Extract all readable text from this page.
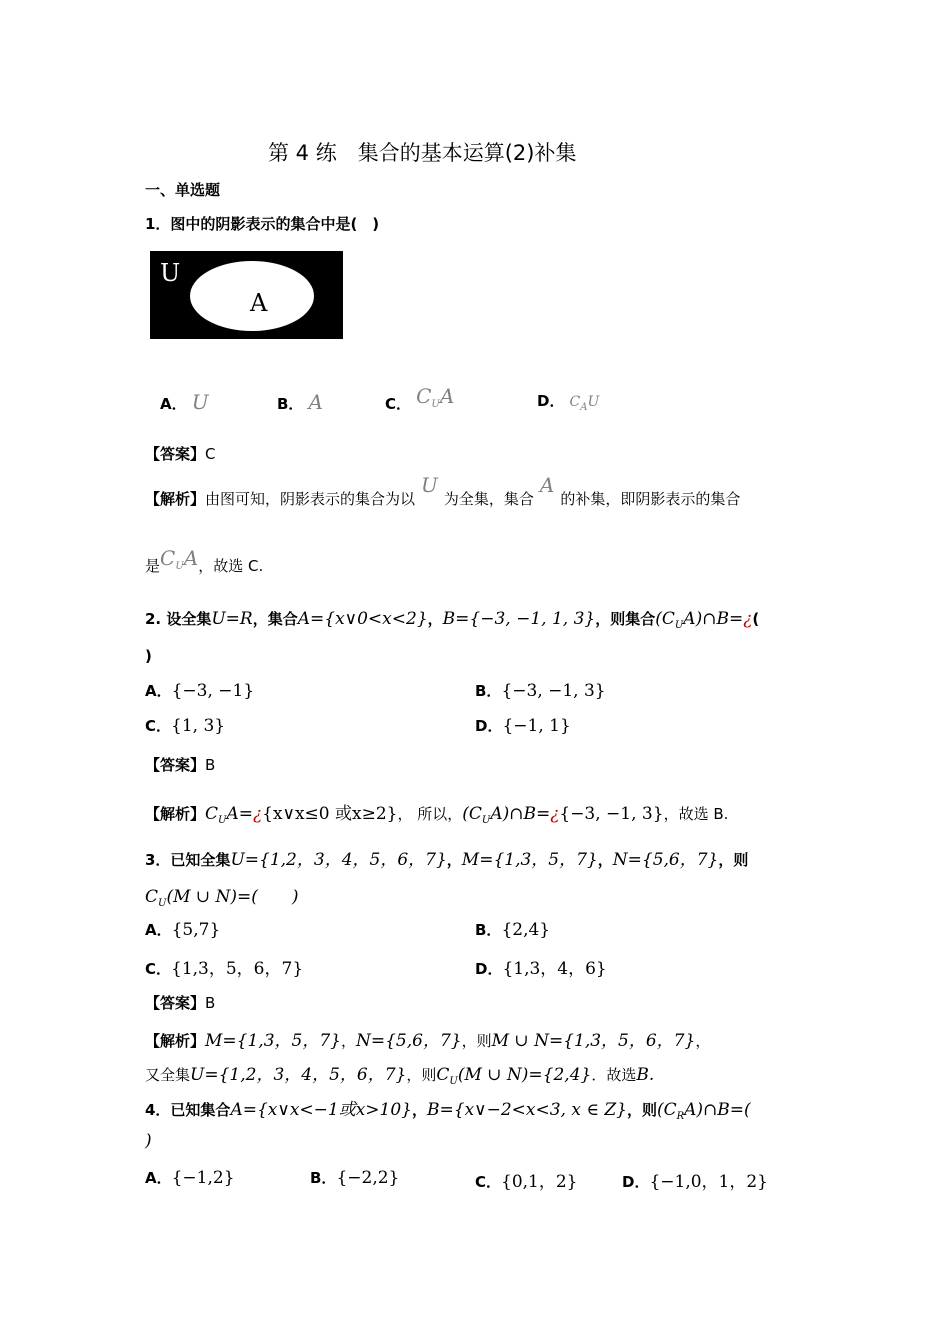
第 4 练　集合的基本运算(2)补集
一、单选题
1．图中的阴影表示的集合中是(　)
U
A
A． U	B． A	C． $C_UA$	D． $C_AU$
【答案】C
【解析】由图可知，阴影表示的集合为以U为全集，集合A的补集，即阴影表示的集合
是$C_UA$，故选 C.
2. 设全集U=R，集合A={x∨0<x<2}，B={−3, −1, 1, 3}，则集合$(C_UA)\cap B=¿$(
)
A．{−3, −1}	B．{−3, −1, 3}
C．{1, 3}	D．{−1, 1}
【答案】B
【解析】$C_UA=¿\{x\vee x\le 0$ 或x≥2}， 所以，$(C_UA)\cap B=¿\{-3$, −1, 3}，故选 B.
3．已知全集U={1,2，3，4，5，6，7}，M={1,3，5，7}，N={5,6，7}，则
$C_U(M$ ∪ N)=(　　)
A．{5,7}	B．{2,4}
C．{1,3，5，6，7}	D．{1,3，4，6}
【答案】B
【解析】M={1,3，5，7}，N={5,6，7}，则M ∪ N={1,3，5，6，7}，
又全集U={1,2，3，4，5，6，7}，则$C_U(M$ ∪ N)={2,4}．故选B.
4．已知集合A={x∨x<−1或x>10}，B={x∨−2<x<3, x ∈ Z}，则$(C_RA)\cap B=$(
)
A．{−1,2}	B．{−2,2}	C．{0,1，2}	D．{−1,0，1，2}
